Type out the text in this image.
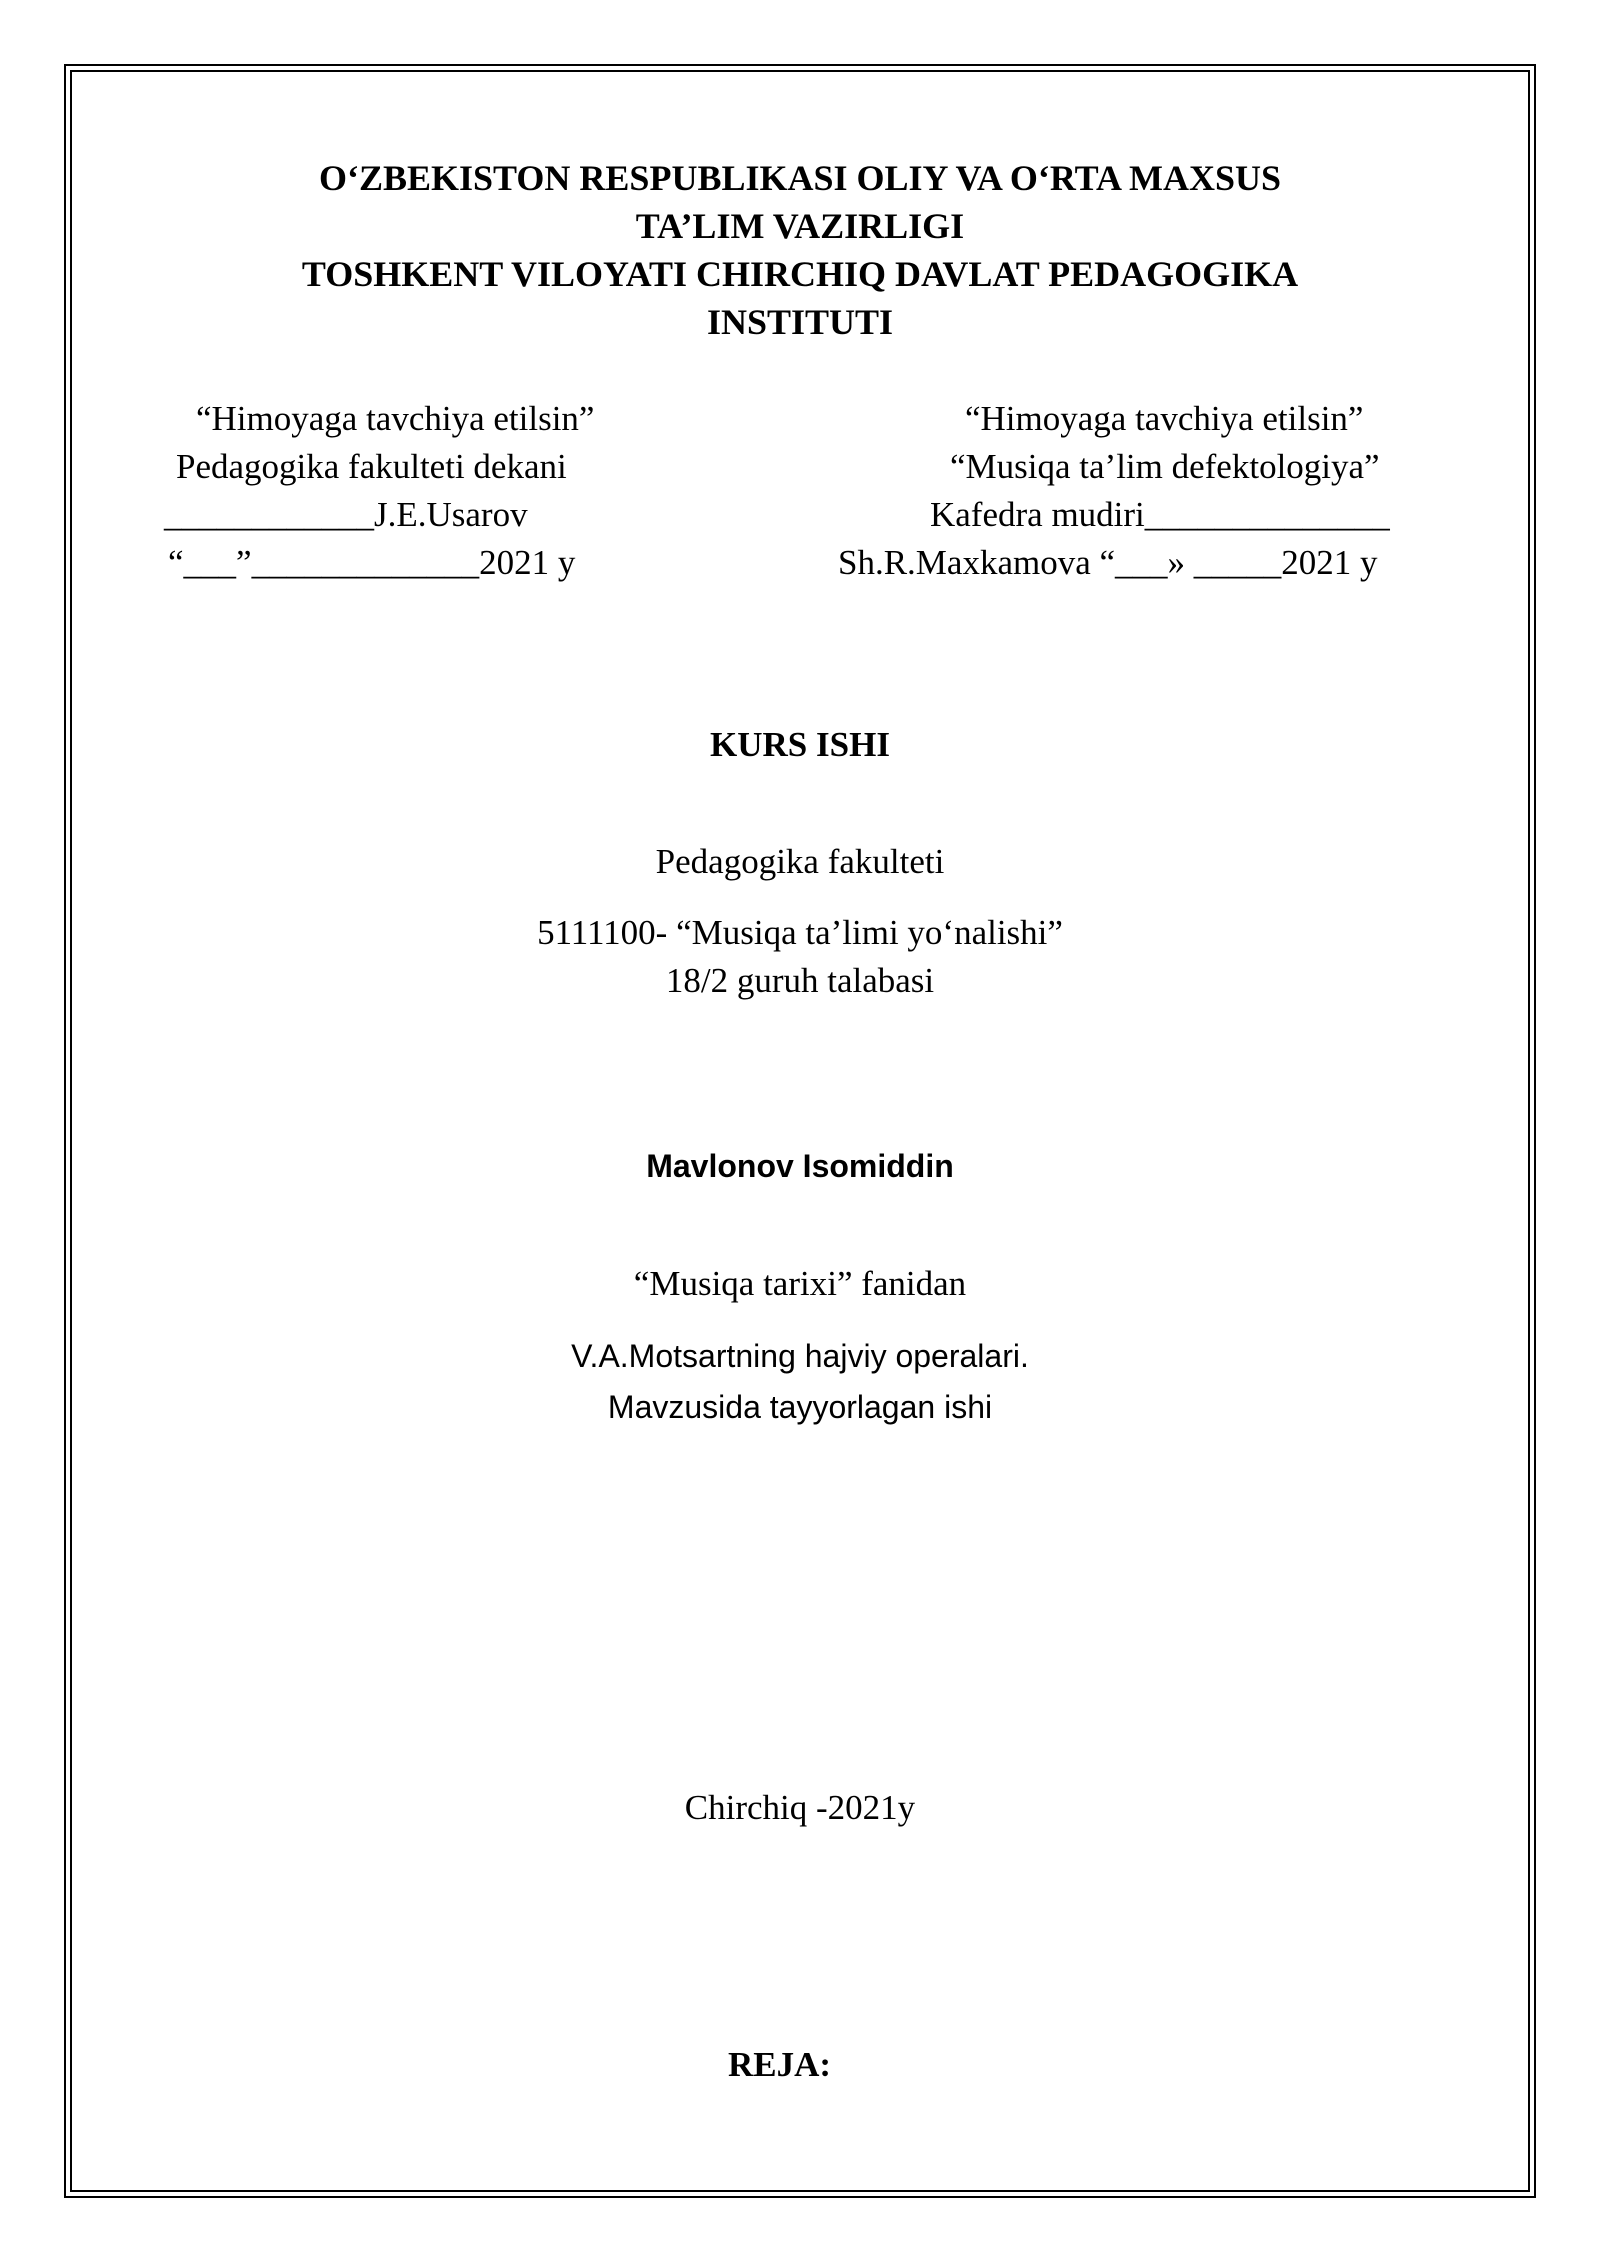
O‘ZBEKISTON RESPUBLIKASI OLIY VA O‘RTA MAXSUS
TA’LIM VAZIRLIGI
TOSHKENT VILOYATI CHIRCHIQ DAVLAT PEDAGOGIKA
INSTITUTI
“Himoyaga tavchiya etilsin”
Pedagogika fakulteti dekani
____________J.E.Usarov
“___”_____________2021 y
“Himoyaga tavchiya etilsin”
“Musiqa ta’lim defektologiya”
Kafedra mudiri______________
Sh.R.Maxkamova “___» _____2021 y
KURS ISHI
Pedagogika fakulteti
5111100- “Musiqa ta’limi yo‘nalishi”
18/2 guruh talabasi
Mavlonov Isomiddin
“Musiqa tarixi” fanidan
V.A.Motsartning hajviy operalari.
Mavzusida tayyorlagan ishi
Chirchiq -2021y
REJA:
